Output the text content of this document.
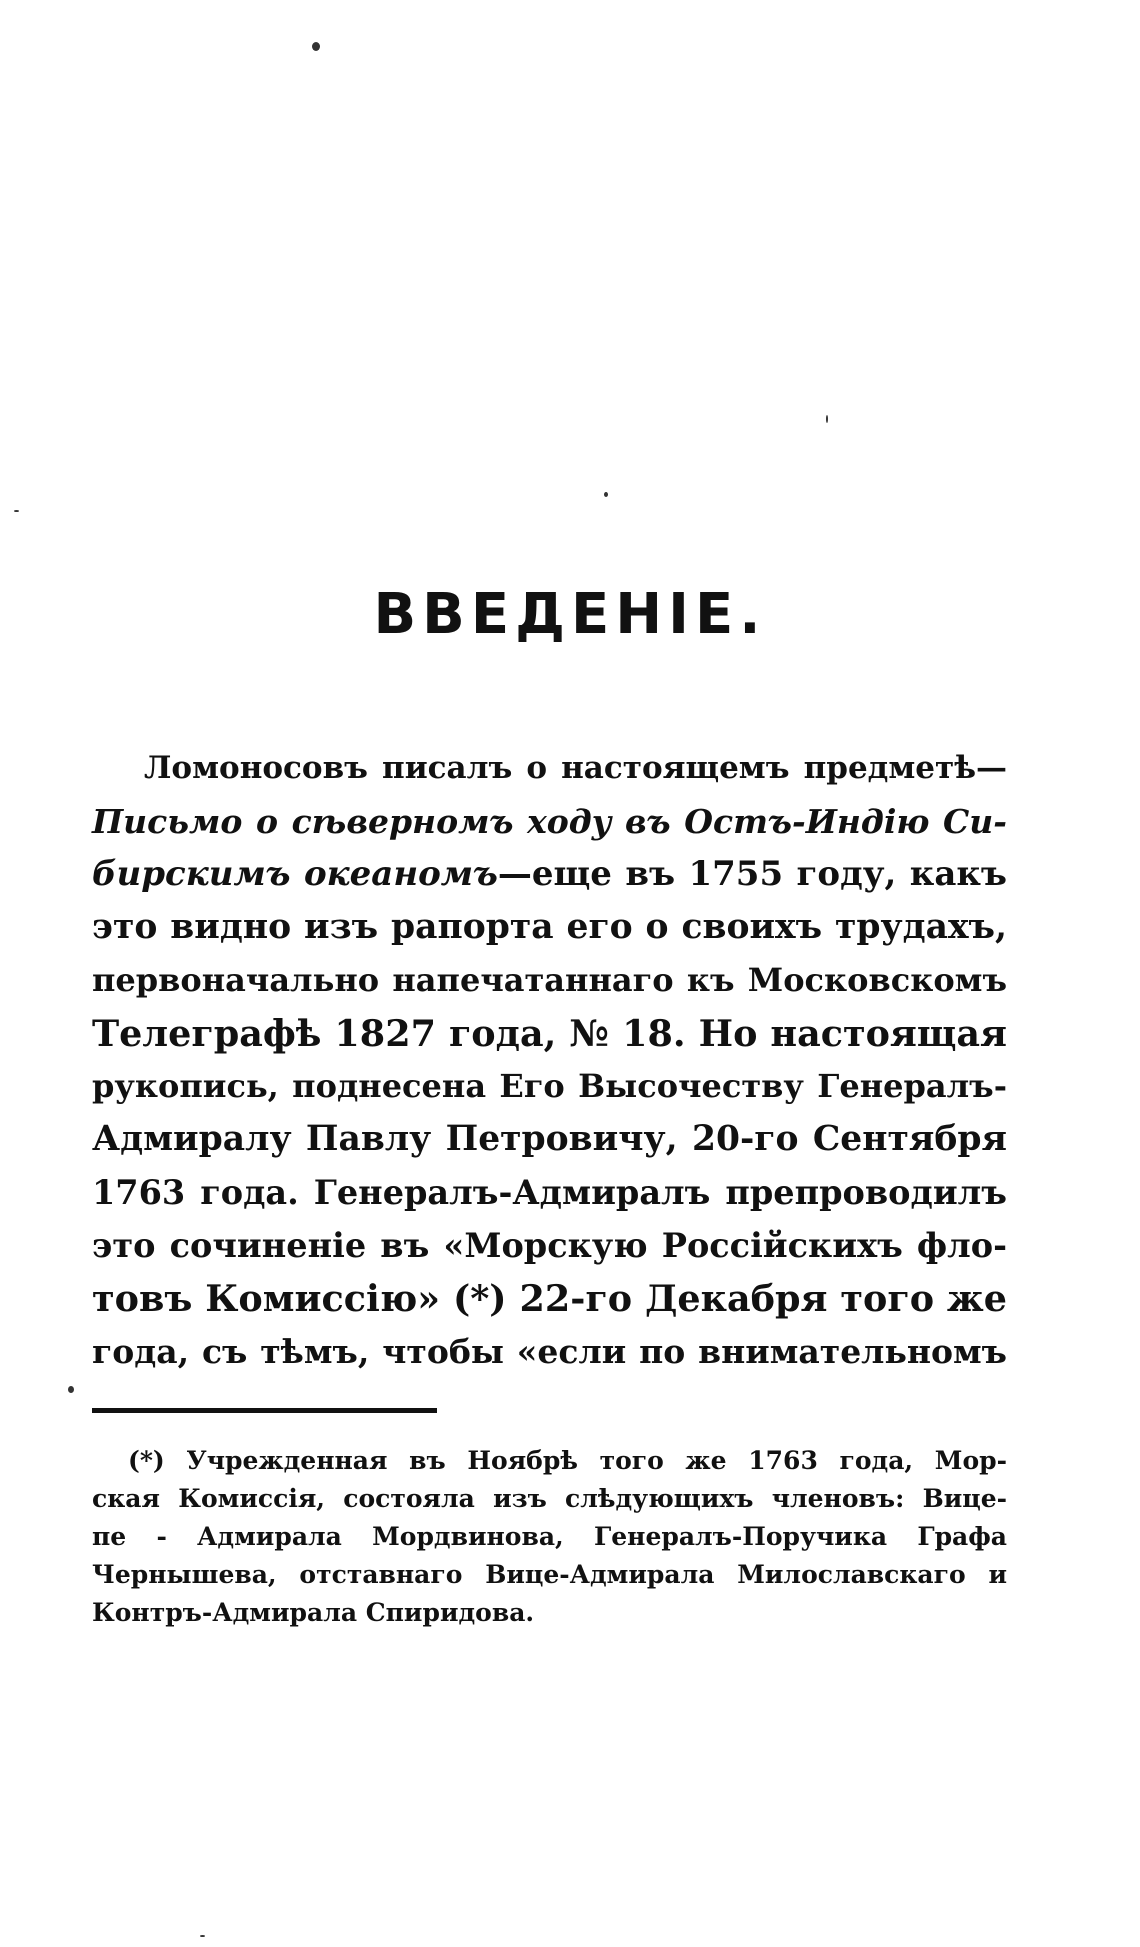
ВВЕДЕНІЕ.
Ломоносовъ писалъ о настоящемъ предметѣ—
Письмо о сѣверномъ ходу въ Остъ-Индію Си-
бирскимъ океаномъ—еще въ 1755 году, какъ
это видно изъ рапорта его о своихъ трудахъ,
первоначально напечатаннаго къ Московскомъ
Телеграфѣ 1827 года, № 18. Но настоящая
рукопись, поднесена Его Высочеству Генералъ-
Адмиралу Павлу Петровичу, 20-го Сентября
1763 года. Генералъ-Адмиралъ препроводилъ
это сочиненіе въ «Морскую Россійскихъ фло-
товъ Комиссію» (*) 22-го Декабря того же
года, съ тѣмъ, чтобы «если по внимательномъ
(*) Учрежденная въ Ноябрѣ того же 1763 года, Мор-
ская Комиссія, состояла изъ слѣдующихъ членовъ: Вице-
пе - Адмирала Мордвинова, Генералъ-Поручика Графа
Чернышева, отставнаго Вице-Адмирала Милославскаго и
Контръ-Адмирала Спиридова.
